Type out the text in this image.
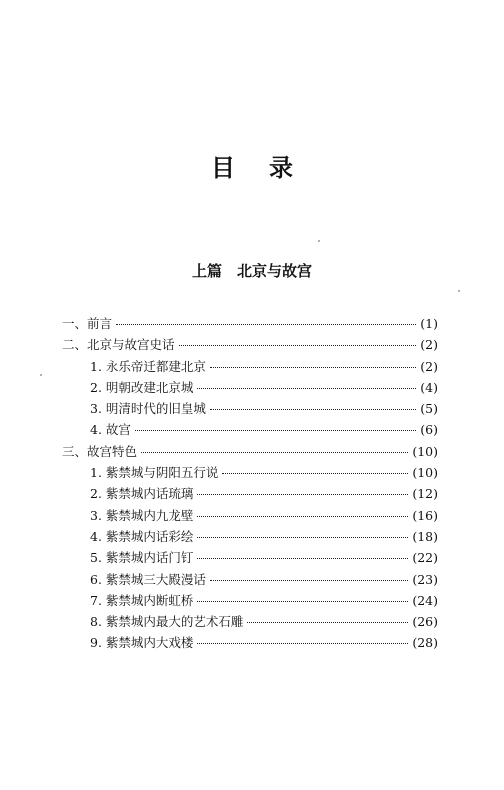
目录
上篇　北京与故宫
一、前言	(1)
二、北京与故宫史话	(2)
1. 永乐帝迁都建北京	(2)
2. 明朝改建北京城	(4)
3. 明清时代的旧皇城	(5)
4. 故宫	(6)
三、故宫特色	(10)
1. 紫禁城与阴阳五行说	(10)
2. 紫禁城内话琉璃	(12)
3. 紫禁城内九龙壁	(16)
4. 紫禁城内话彩绘	(18)
5. 紫禁城内话门钉	(22)
6. 紫禁城三大殿漫话	(23)
7. 紫禁城内断虹桥	(24)
8. 紫禁城内最大的艺术石雕	(26)
9. 紫禁城内大戏楼	(28)
